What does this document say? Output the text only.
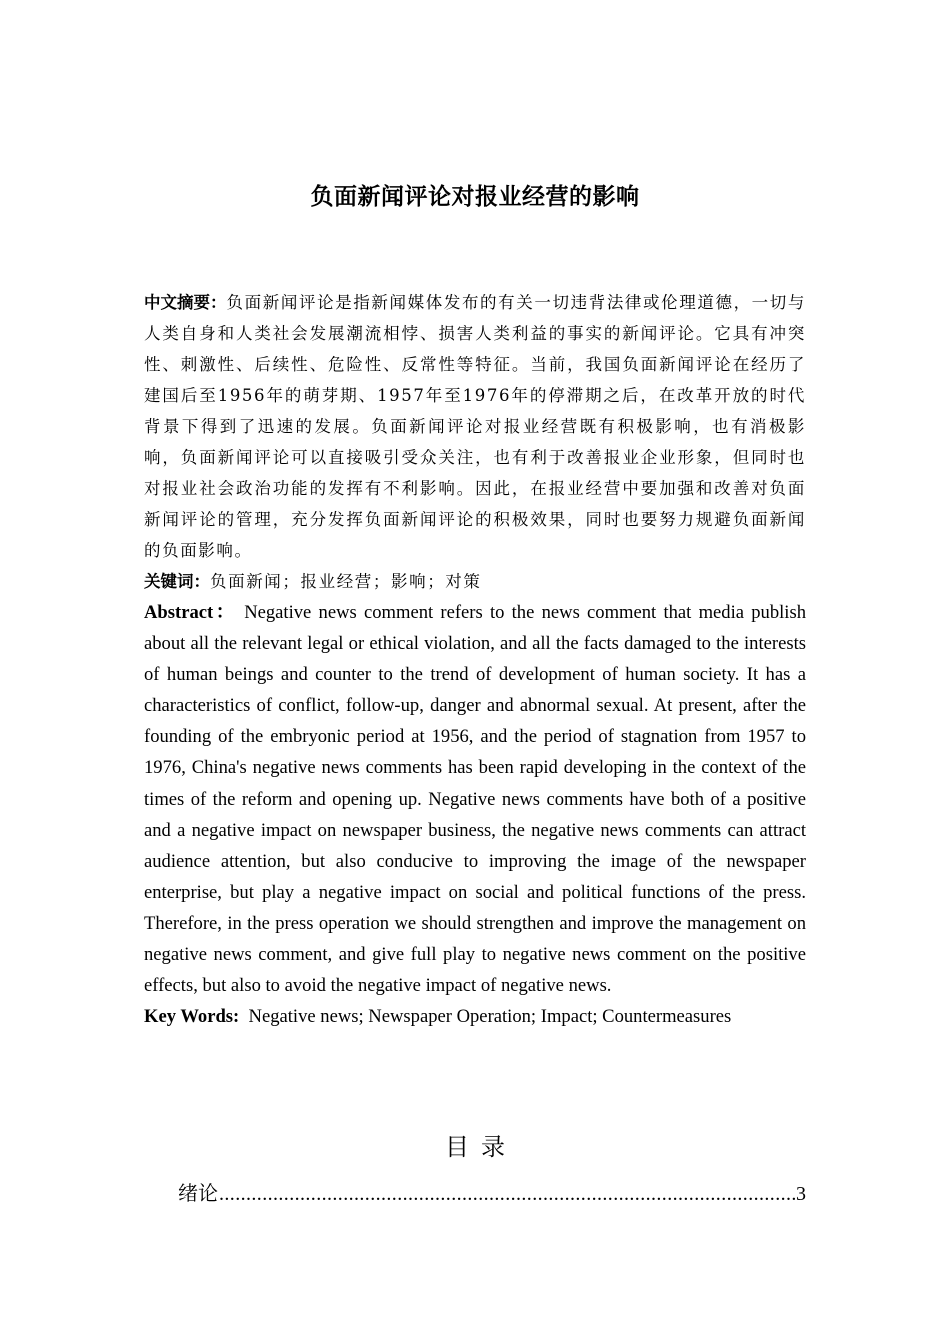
负面新闻评论对报业经营的影响

中文摘要：负面新闻评论是指新闻媒体发布的有关一切违背法律或伦理道德，一切与人类自身和人类社会发展潮流相悖、损害人类利益的事实的新闻评论。它具有冲突性、刺激性、后续性、危险性、反常性等特征。当前，我国负面新闻评论在经历了建国后至1956年的萌芽期、1957年至1976年的停滞期之后，在改革开放的时代背景下得到了迅速的发展。负面新闻评论对报业经营既有积极影响，也有消极影响，负面新闻评论可以直接吸引受众关注，也有利于改善报业企业形象，但同时也对报业社会政治功能的发挥有不利影响。因此，在报业经营中要加强和改善对负面新闻评论的管理，充分发挥负面新闻评论的积极效果，同时也要努力规避负面新闻的负面影响。

关键词：负面新闻；报业经营；影响；对策

Abstract： Negative news comment refers to the news comment that media publish about all the relevant legal or ethical violation, and all the facts damaged to the interests of human beings and counter to the trend of development of human society. It has a characteristics of conflict, follow-up, danger and abnormal sexual. At present, after the founding of the embryonic period at 1956, and the period of stagnation from 1957 to 1976, China's negative news comments has been rapid developing in the context of the times of the reform and opening up. Negative news comments have both of a positive and a negative impact on newspaper business, the negative news comments can attract audience attention, but also conducive to improving the image of the newspaper enterprise, but play a negative impact on social and political functions of the press. Therefore, in the press operation we should strengthen and improve the management on negative news comment, and give full play to negative news comment on the positive effects, but also to avoid the negative impact of negative news.

Key Words: Negative news; Newspaper Operation; Impact; Countermeasures

目录
绪论 .....	3
